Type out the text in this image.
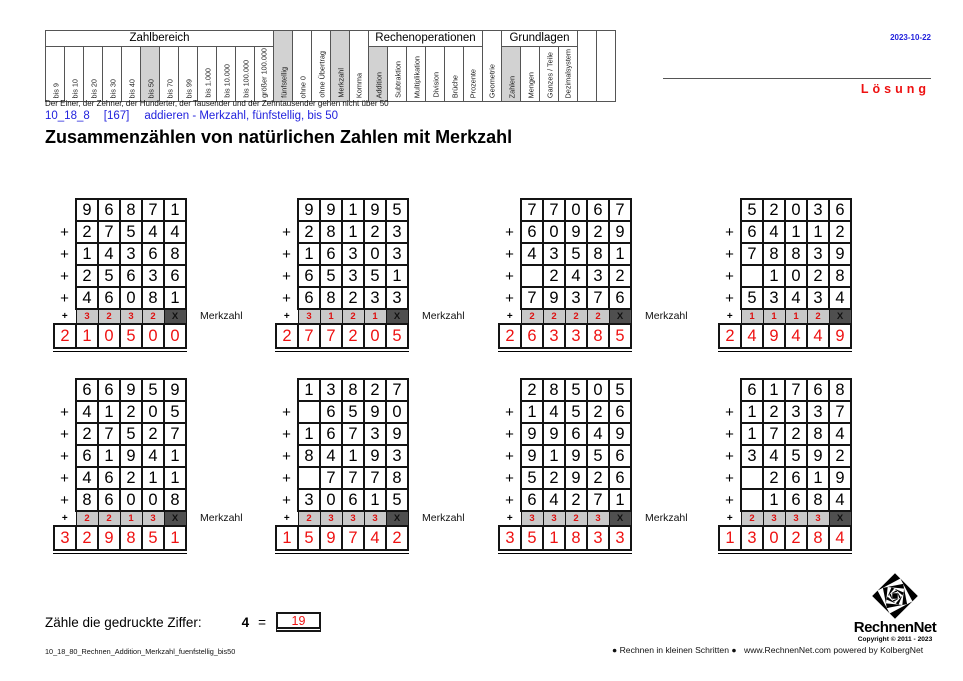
Zahlbereich
bis 9 bis 10 bis 20 bis 30 bis 40 bis 50 bis 70 bis 99 bis 1.000 bis 10.000 bis 100.000 größer 100.000 fünfstellig ohne 0 ohne Übertrag Merkzahl Komma
Rechenoperationen
Addition Subtraktion Multiplikation Division Brüche Prozente Geometrie
Grundlagen
Zahlen Mengen Ganzes / Teile Dezimalsystem
2023-10-22
Lösung
Der Einer, der Zehner, der Hunderter, der Tausender und der Zehntausender gehen nicht über 50
10_18_8 [167] addieren - Merkzahl, fünfstellig, bis 50
Zusammenzählen von natürlichen Zahlen mit Merkzahl
	9	6	8	7	1
+	2	7	5	4	4
+	1	4	3	6	8
+	2	5	6	3	6
+	4	6	0	8	1
+	3	2	3	2	X
2	1	0	5	0	0
Merkzahl
	9	9	1	9	5
+	2	8	1	2	3
+	1	6	3	0	3
+	6	5	3	5	1
+	6	8	2	3	3
+	3	1	2	1	X
2	7	7	2	0	5
Merkzahl
	7	7	0	6	7
+	6	0	9	2	9
+	4	3	5	8	1
+		2	4	3	2
+	7	9	3	7	6
+	2	2	2	2	X
2	6	3	3	8	5
Merkzahl
	5	2	0	3	6
+	6	4	1	1	2
+	7	8	8	3	9
+		1	0	2	8
+	5	3	4	3	4
+	1	1	1	2	X
2	4	9	4	4	9
	6	6	9	5	9
+	4	1	2	0	5
+	2	7	5	2	7
+	6	1	9	4	1
+	4	6	2	1	1
+	8	6	0	0	8
+	2	2	1	3	X
3	2	9	8	5	1
Merkzahl
	1	3	8	2	7
+		6	5	9	0
+	1	6	7	3	9
+	8	4	1	9	3
+		7	7	7	8
+	3	0	6	1	5
+	2	3	3	3	X
1	5	9	7	4	2
Merkzahl
	2	8	5	0	5
+	1	4	5	2	6
+	9	9	6	4	9
+	9	1	9	5	6
+	5	2	9	2	6
+	6	4	2	7	1
+	3	3	2	3	X
3	5	1	8	3	3
Merkzahl
	6	1	7	6	8
+	1	2	3	3	7
+	1	7	2	8	4
+	3	4	5	9	2
+		2	6	1	9
+		1	6	8	4
+	2	3	3	3	X
1	3	0	2	8	4
Zähle die gedruckte Ziffer:	4 =	19
10_18_80_Rechnen_Addition_Merkzahl_fuenfstellig_bis50	● Rechnen in kleinen Schritten ● www.RechnenNet.com powered by KolbergNet
RechnenNet
Copyright © 2011 - 2023
